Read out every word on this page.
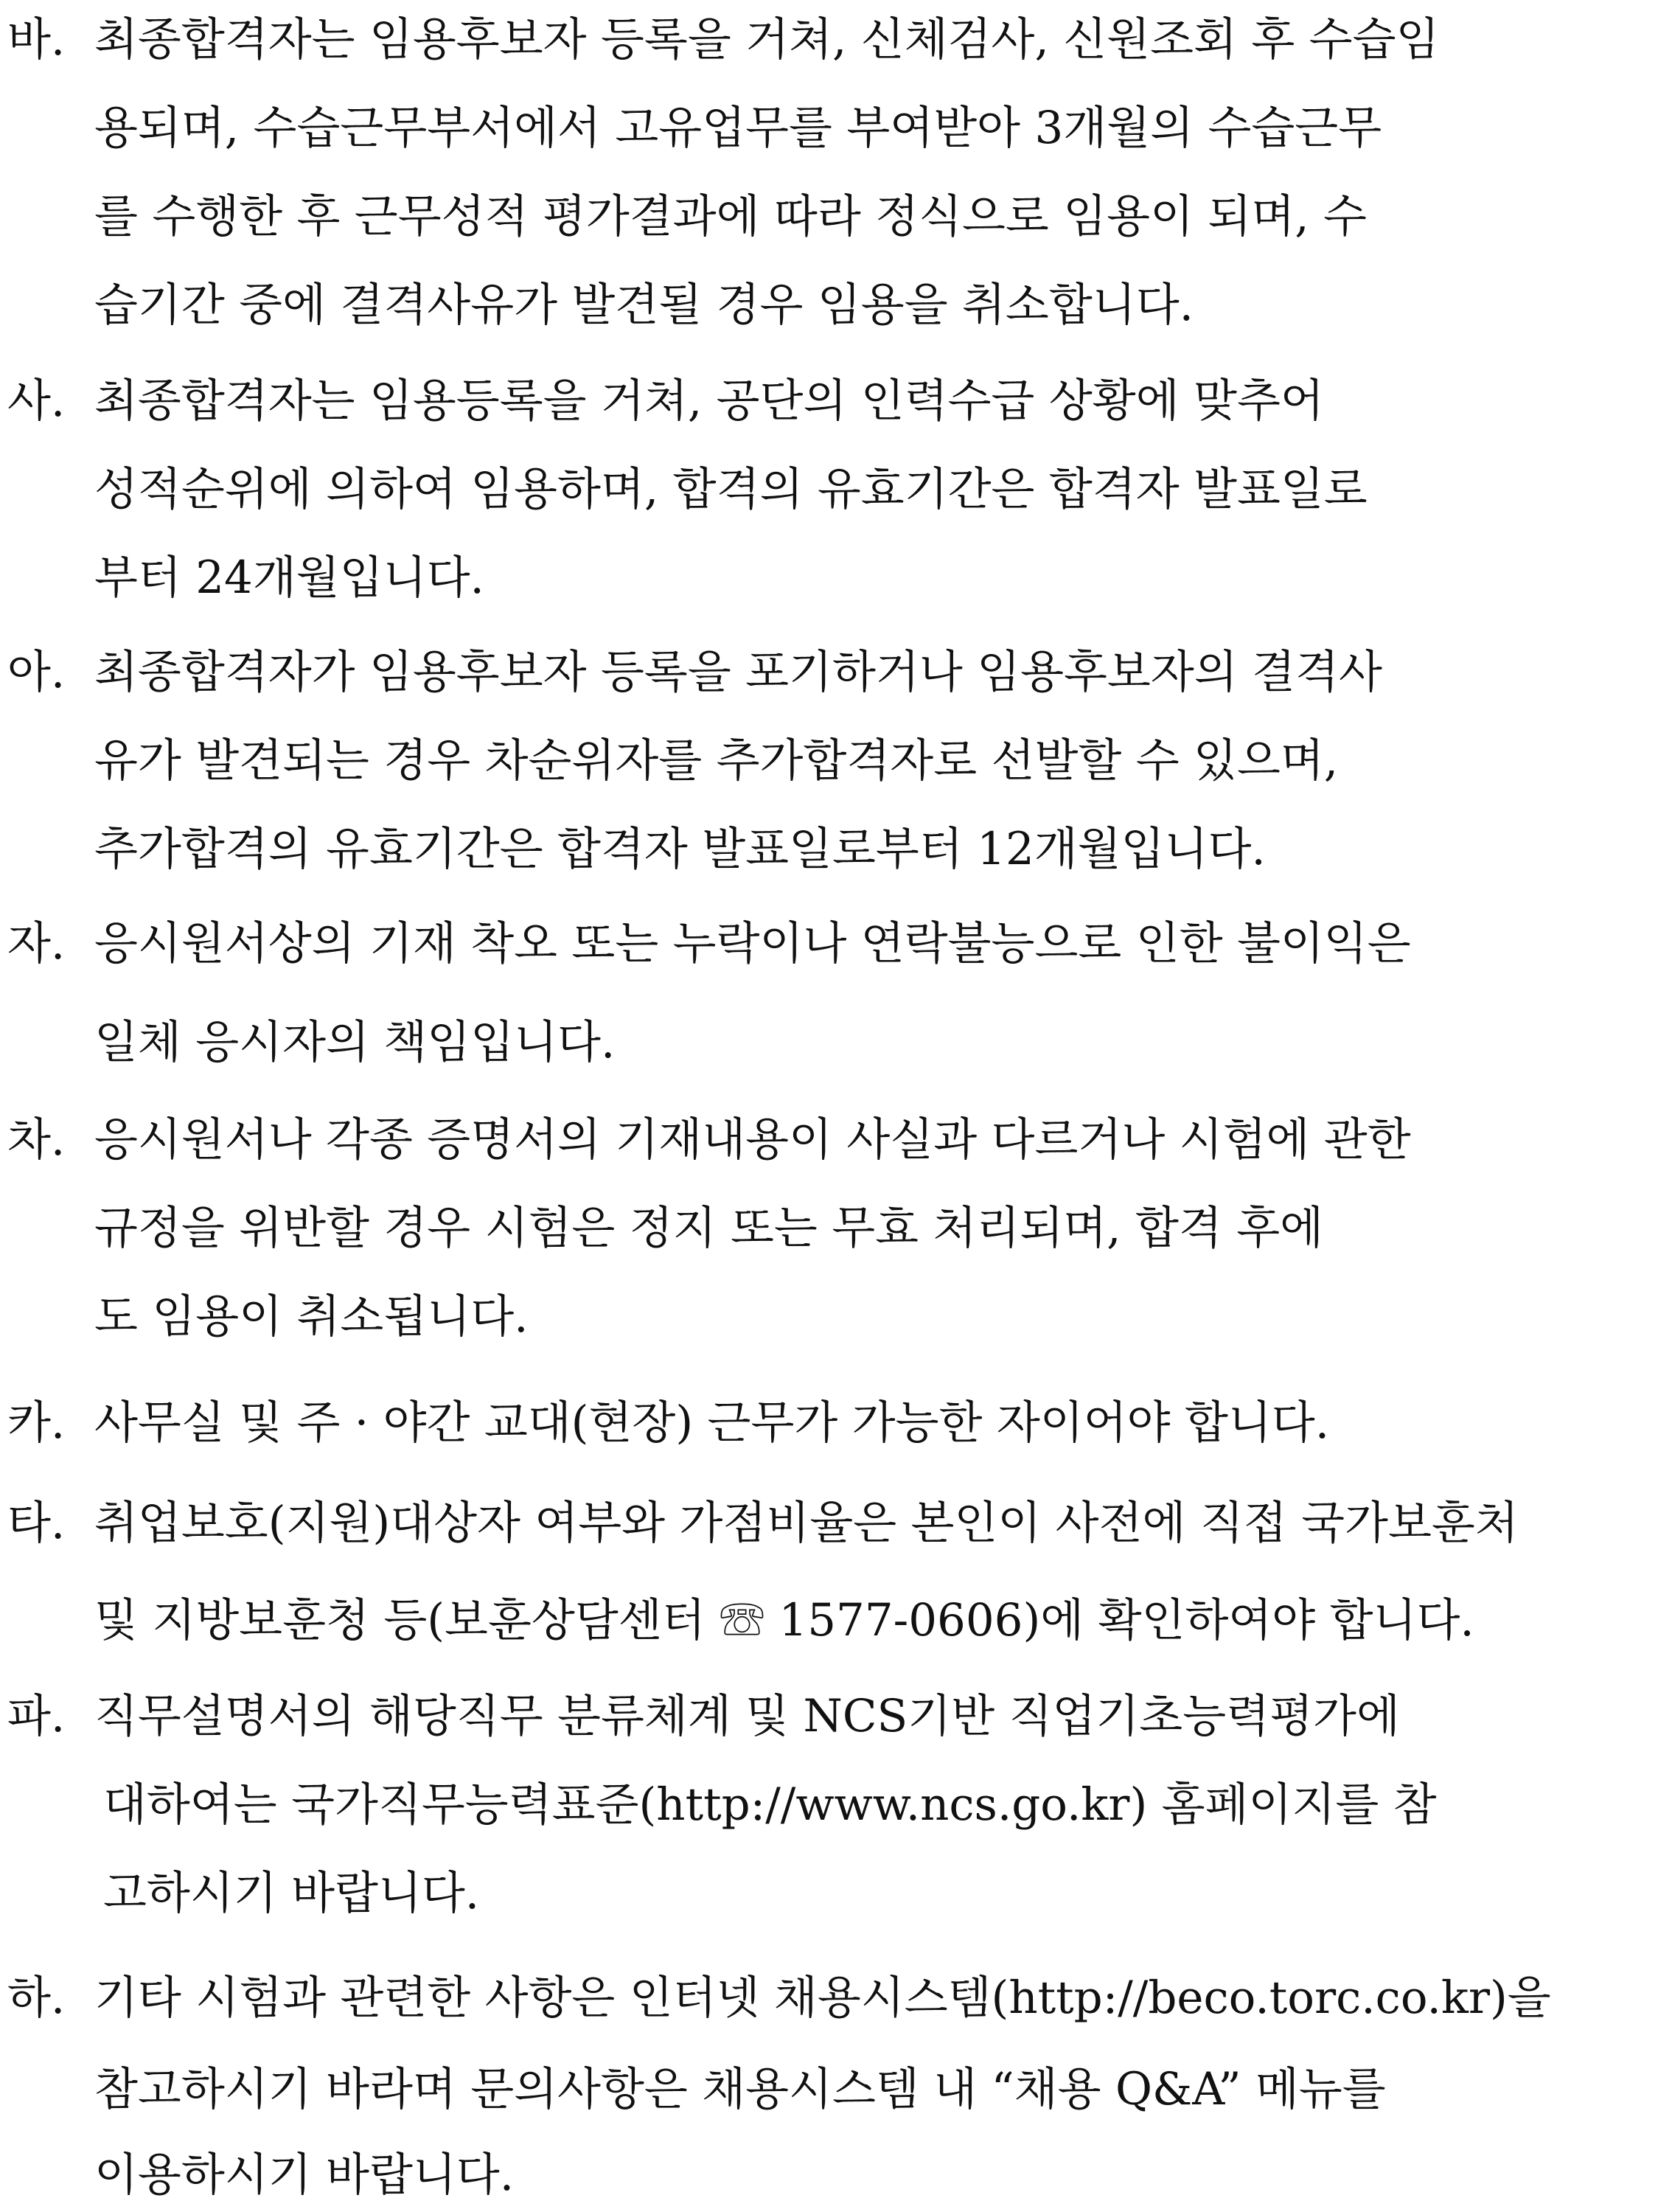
바. 최종합격자는 임용후보자 등록을 거쳐, 신체검사, 신원조회 후 수습임
용되며, 수습근무부서에서 고유업무를 부여받아 3개월의 수습근무
를 수행한 후 근무성적 평가결과에 따라 정식으로 임용이 되며, 수
습기간 중에 결격사유가 발견될 경우 임용을 취소합니다.
사. 최종합격자는 임용등록을 거쳐, 공단의 인력수급 상황에 맞추어
성적순위에 의하여 임용하며, 합격의 유효기간은 합격자 발표일로
부터 24개월입니다.
아. 최종합격자가 임용후보자 등록을 포기하거나 임용후보자의 결격사
유가 발견되는 경우 차순위자를 추가합격자로 선발할 수 있으며,
추가합격의 유효기간은 합격자 발표일로부터 12개월입니다.
자. 응시원서상의 기재 착오 또는 누락이나 연락불능으로 인한 불이익은
일체 응시자의 책임입니다.
차. 응시원서나 각종 증명서의 기재내용이 사실과 다르거나 시험에 관한
규정을 위반할 경우 시험은 정지 또는 무효 처리되며, 합격 후에
도 임용이 취소됩니다.
카. 사무실 및 주 · 야간 교대(현장) 근무가 가능한 자이어야 합니다.
타. 취업보호(지원)대상자 여부와 가점비율은 본인이 사전에 직접 국가보훈처
및 지방보훈청 등(보훈상담센터 ☏ 1577-0606)에 확인하여야 합니다.
파. 직무설명서의 해당직무 분류체계 및 NCS기반 직업기초능력평가에
대하여는 국가직무능력표준(http://www.ncs.go.kr) 홈페이지를 참
고하시기 바랍니다.
하. 기타 시험과 관련한 사항은 인터넷 채용시스템(http://beco.torc.co.kr)을
참고하시기 바라며 문의사항은 채용시스템 내 “채용 Q&A” 메뉴를
이용하시기 바랍니다.
